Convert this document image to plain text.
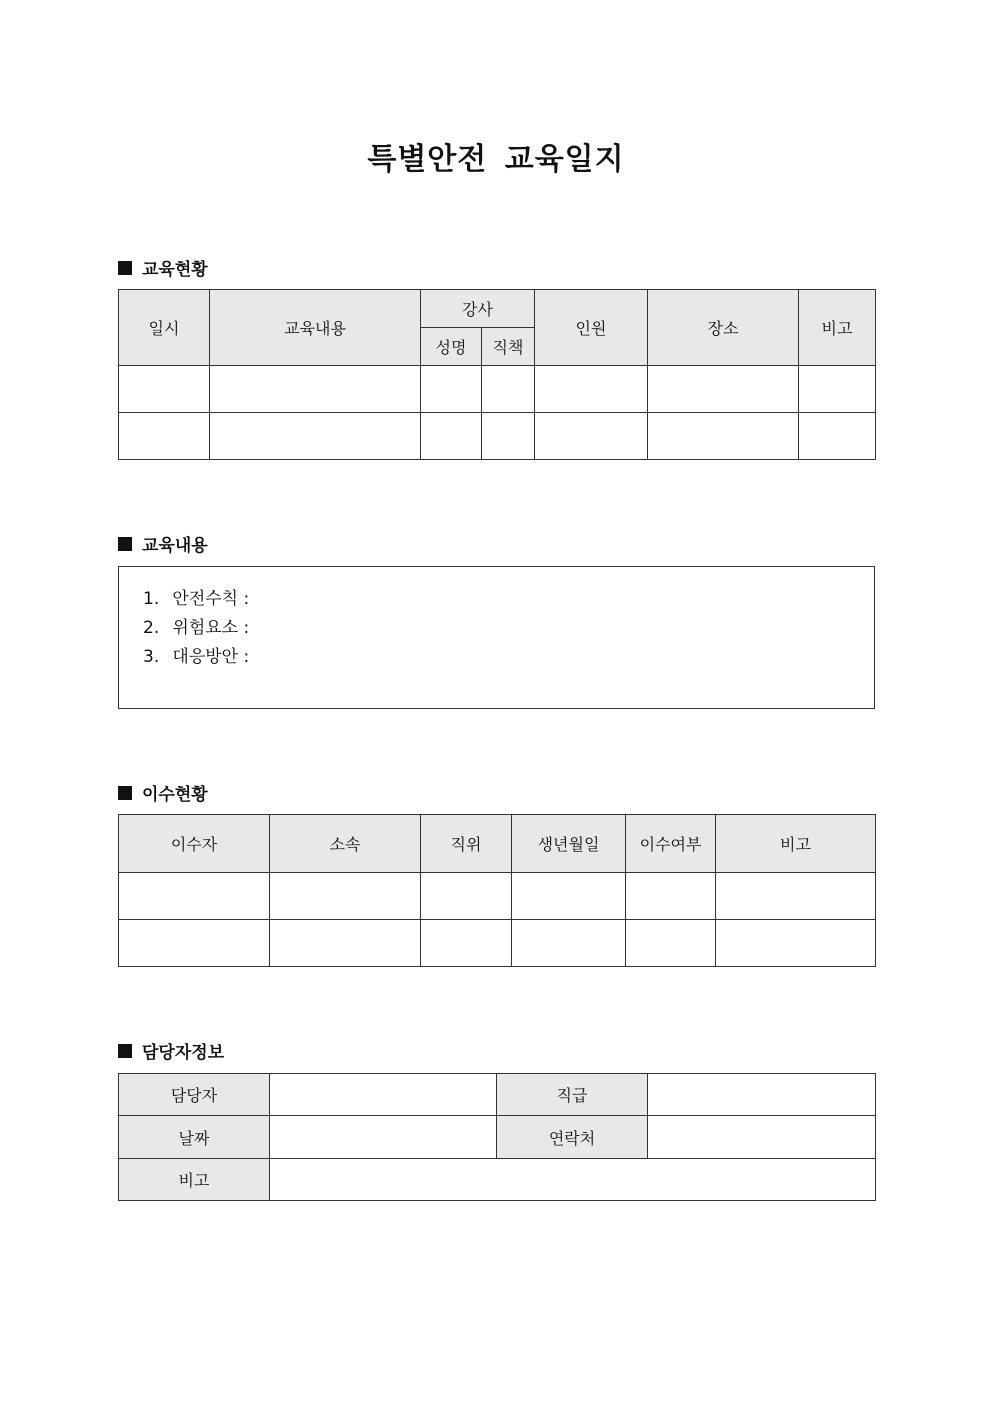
특별안전 교육일지
교육현황
일시	교육내용	강사		인원	장소	비고
		성명	직책			

교육내용
1. 안전수칙 :
2. 위험요소 :
3. 대응방안 :
이수현황
이수자	소속	직위	생년월일	이수여부	비고

담당자정보
담당자		직급	
날짜		연락처	
비고			
